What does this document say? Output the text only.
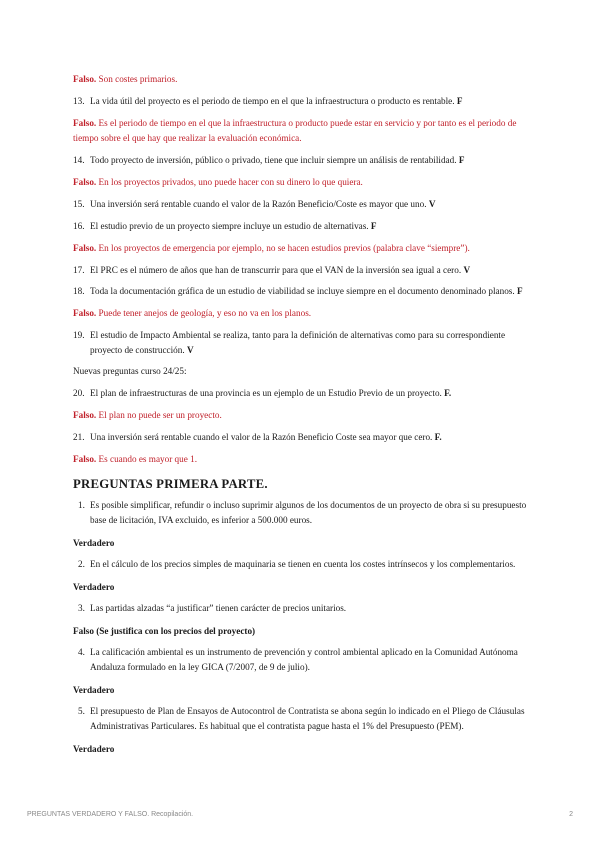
Falso. Son costes primarios.
13. La vida útil del proyecto es el periodo de tiempo en el que la infraestructura o producto es rentable. F
Falso. Es el periodo de tiempo en el que la infraestructura o producto puede estar en servicio y por tanto es el periodo de tiempo sobre el que hay que realizar la evaluación económica.
14. Todo proyecto de inversión, público o privado, tiene que incluir siempre un análisis de rentabilidad. F
Falso. En los proyectos privados, uno puede hacer con su dinero lo que quiera.
15. Una inversión será rentable cuando el valor de la Razón Beneficio/Coste es mayor que uno. V
16. El estudio previo de un proyecto siempre incluye un estudio de alternativas. F
Falso. En los proyectos de emergencia por ejemplo, no se hacen estudios previos (palabra clave “siempre”).
17. El PRC es el número de años que han de transcurrir para que el VAN de la inversión sea igual a cero. V
18. Toda la documentación gráfica de un estudio de viabilidad se incluye siempre en el documento denominado planos. F
Falso. Puede tener anejos de geología, y eso no va en los planos.
19. El estudio de Impacto Ambiental se realiza, tanto para la definición de alternativas como para su correspondiente proyecto de construcción. V
Nuevas preguntas curso 24/25:
20. El plan de infraestructuras de una provincia es un ejemplo de un Estudio Previo de un proyecto. F.
Falso. El plan no puede ser un proyecto.
21. Una inversión será rentable cuando el valor de la Razón Beneficio Coste sea mayor que cero. F.
Falso. Es cuando es mayor que 1.
PREGUNTAS PRIMERA PARTE.
1. Es posible simplificar, refundir o incluso suprimir algunos de los documentos de un proyecto de obra si su presupuesto base de licitación, IVA excluido, es inferior a 500.000 euros.
Verdadero
2. En el cálculo de los precios simples de maquinaria se tienen en cuenta los costes intrínsecos y los complementarios.
Verdadero
3. Las partidas alzadas “a justificar” tienen carácter de precios unitarios.
Falso (Se justifica con los precios del proyecto)
4. La calificación ambiental es un instrumento de prevención y control ambiental aplicado en la Comunidad Autónoma Andaluza formulado en la ley GICA (7/2007, de 9 de julio).
Verdadero
5. El presupuesto de Plan de Ensayos de Autocontrol de Contratista se abona según lo indicado en el Pliego de Cláusulas Administrativas Particulares. Es habitual que el contratista pague hasta el 1% del Presupuesto (PEM).
Verdadero
PREGUNTAS VERDADERO Y FALSO. Recopilación.	2
